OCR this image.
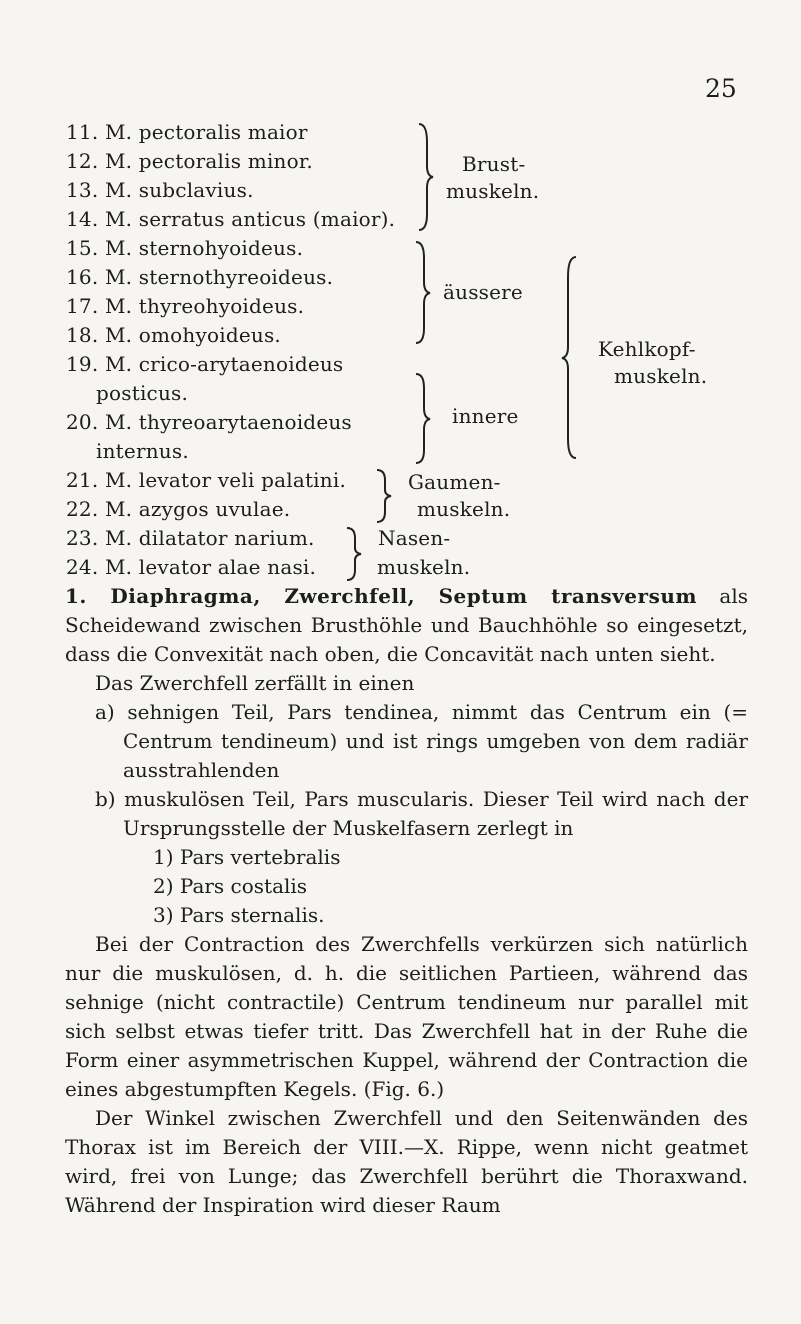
25
11. M. pectoralis maior
12. M. pectoralis minor.
13. M. subclavius.
14. M. serratus anticus (maior).
15. M. sternohyoideus.
16. M. sternothyreoideus.
17. M. thyreohyoideus.
18. M. omohyoideus.
19. M. crico-arytaenoideus
posticus.
20. M. thyreoarytaenoideus
internus.
21. M. levator veli palatini.
22. M. azygos uvulae.
23. M. dilatator narium.
24. M. levator alae nasi.
Brust-
muskeln.
äussere
innere
Kehlkopf-
muskeln.
Gaumen-
muskeln.
Nasen-
muskeln.

1. Diaphragma, Zwerchfell, Septum transversum als Scheidewand zwischen Brusthöhle und Bauchhöhle so eingesetzt, dass die Convexität nach oben, die Concavität nach unten sieht.

Das Zwerchfell zerfällt in einen

a) sehnigen Teil, Pars tendinea, nimmt das Centrum ein (= Centrum tendineum) und ist rings umgeben von dem radiär ausstrahlenden

b) muskulösen Teil, Pars muscularis. Dieser Teil wird nach der Ursprungsstelle der Muskelfasern zerlegt in

1) Pars vertebralis

2) Pars costalis

3) Pars sternalis.

Bei der Contraction des Zwerchfells verkürzen sich natürlich nur die muskulösen, d. h. die seitlichen Partieen, während das sehnige (nicht contractile) Centrum tendineum nur parallel mit sich selbst etwas tiefer tritt. Das Zwerchfell hat in der Ruhe die Form einer asymmetrischen Kuppel, während der Contraction die eines abgestumpften Kegels. (Fig. 6.)

Der Winkel zwischen Zwerchfell und den Seitenwänden des Thorax ist im Bereich der VIII.—X. Rippe, wenn nicht geatmet wird, frei von Lunge; das Zwerchfell berührt die Thoraxwand. Während der Inspiration wird dieser Raum
